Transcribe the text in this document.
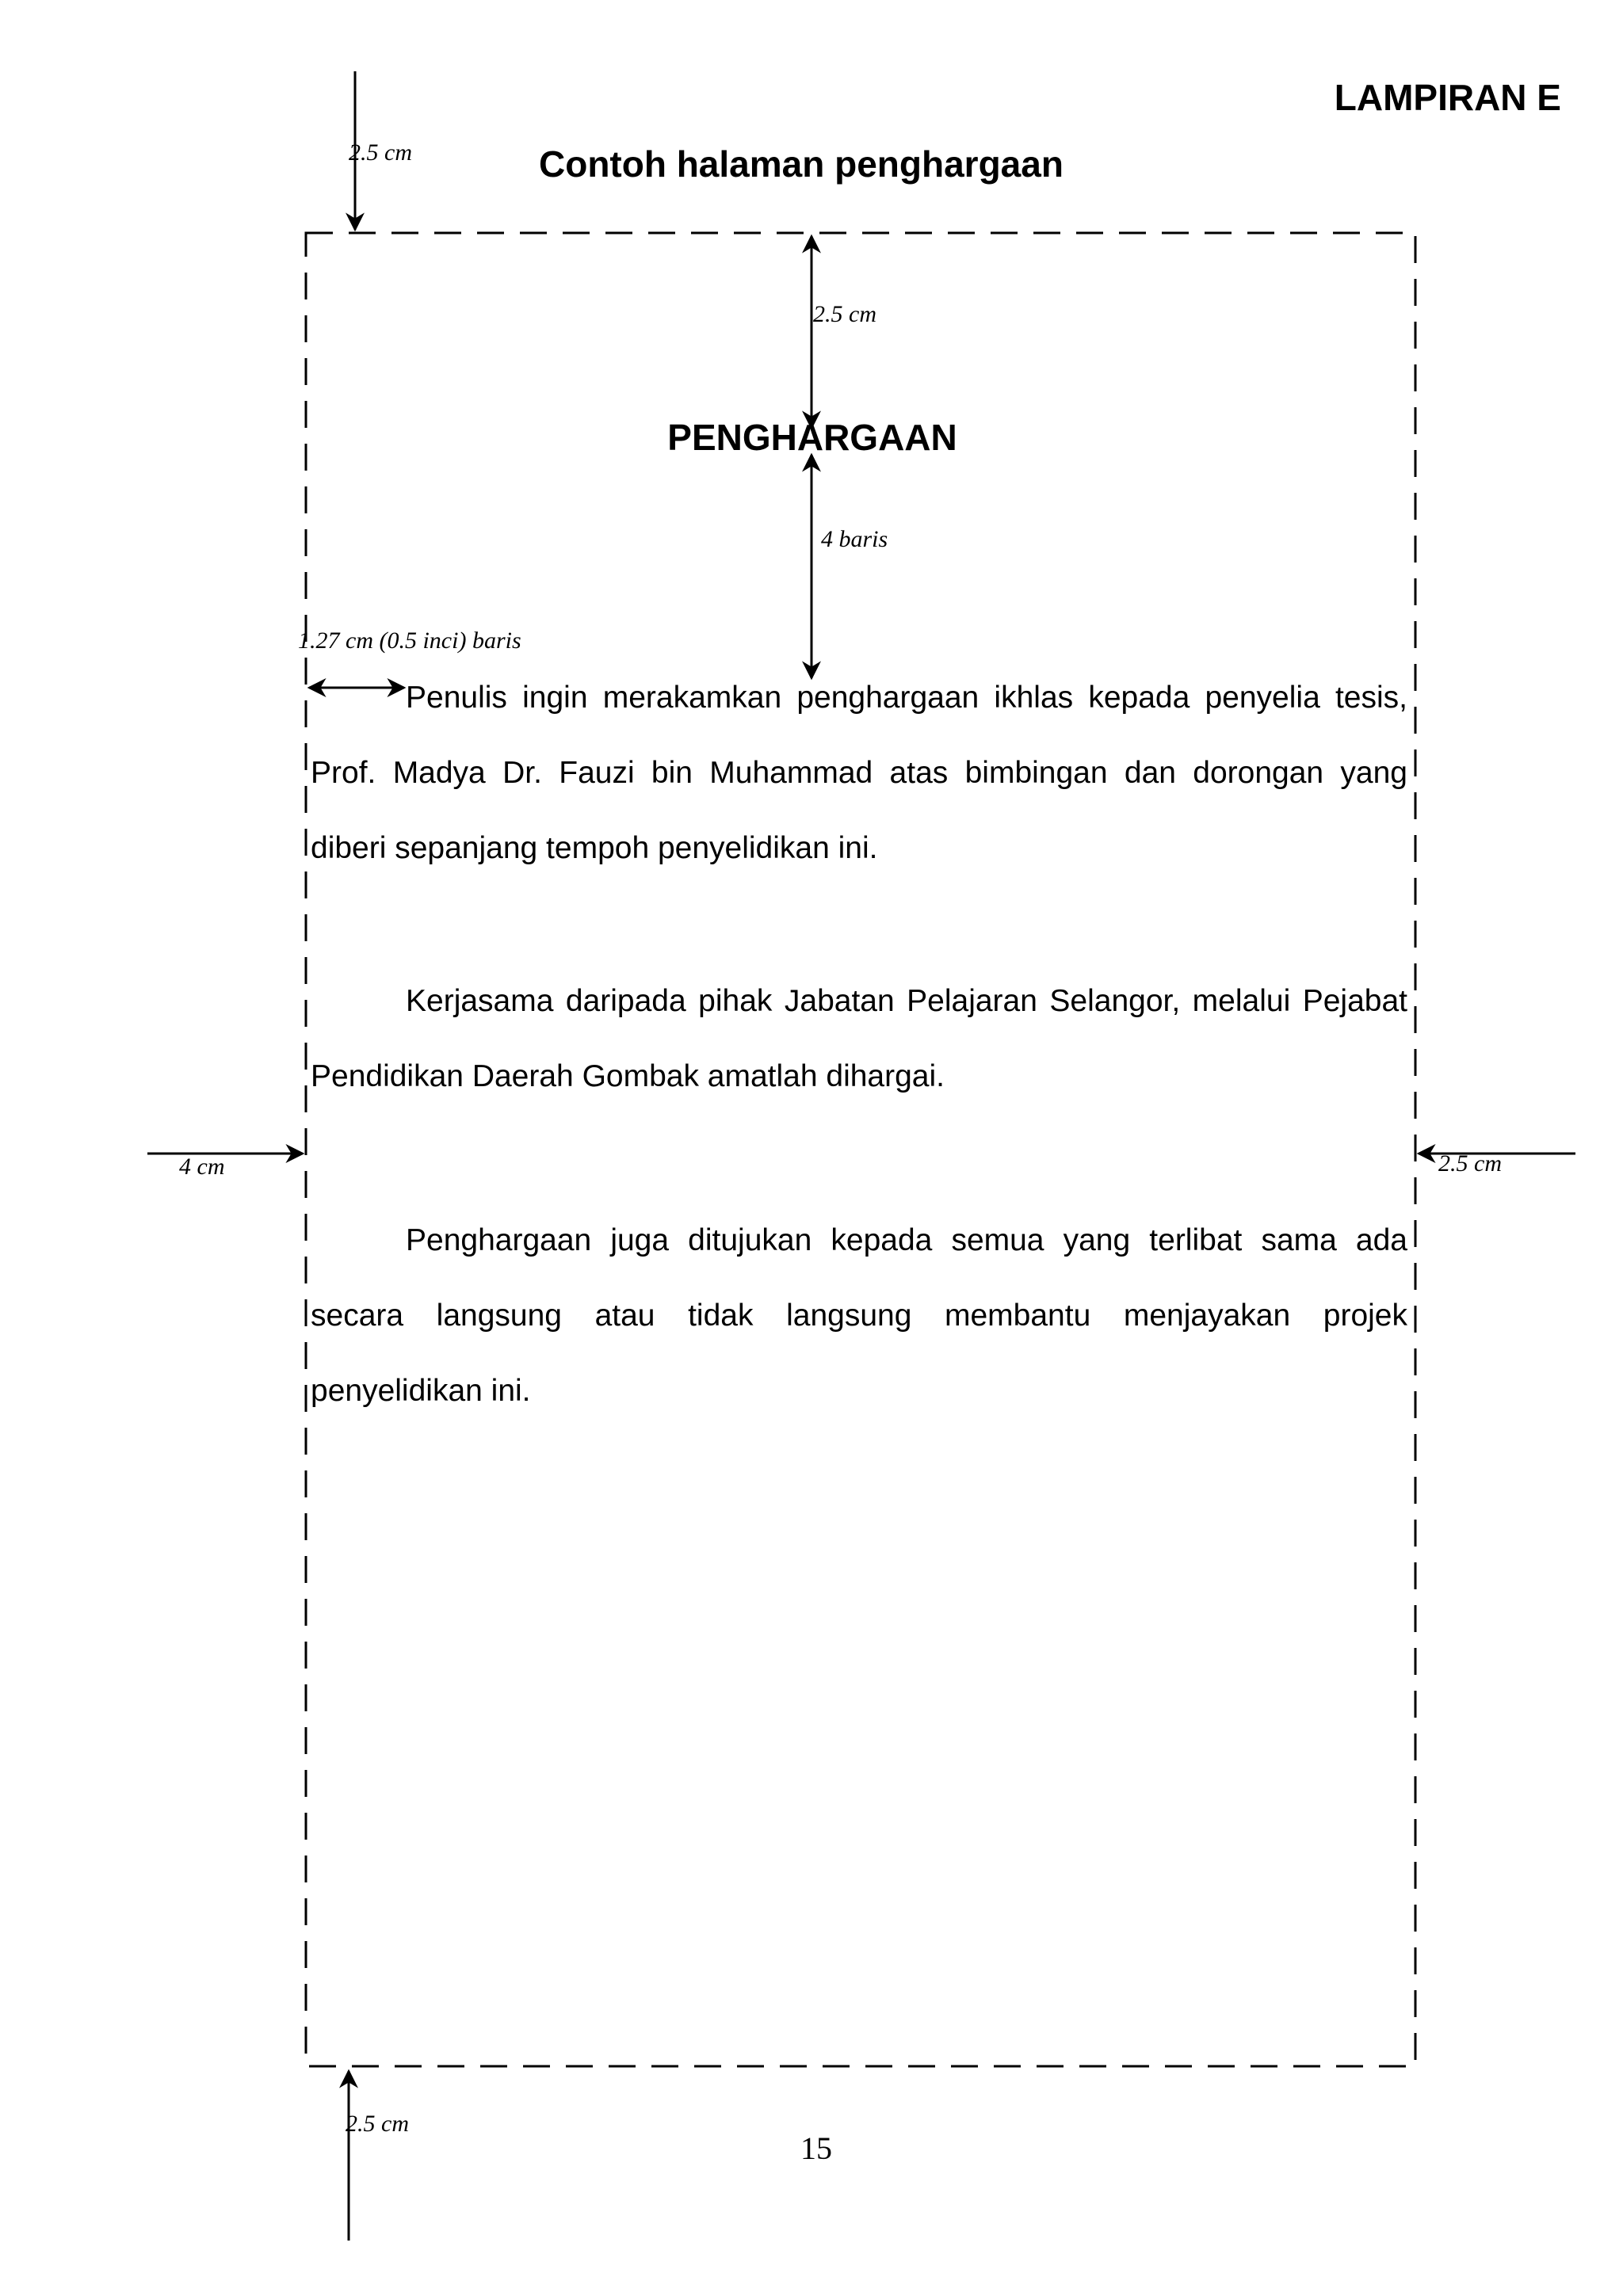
LAMPIRAN E
Contoh halaman penghargaan
2.5 cm
2.5 cm
4 baris
1.27 cm (0.5 inci) baris
4 cm	2.5 cm
2.5 cm
PENGHARGAAN
Penulis ingin merakamkan penghargaan ikhlas kepada penyelia tesis, Prof. Madya Dr. Fauzi bin Muhammad atas bimbingan dan dorongan yang diberi sepanjang tempoh penyelidikan ini.
Kerjasama daripada pihak Jabatan Pelajaran Selangor, melalui Pejabat Pendidikan Daerah Gombak amatlah dihargai.
Penghargaan juga ditujukan kepada semua yang terlibat sama ada secara langsung atau tidak langsung membantu menjayakan projek penyelidikan ini.
15
